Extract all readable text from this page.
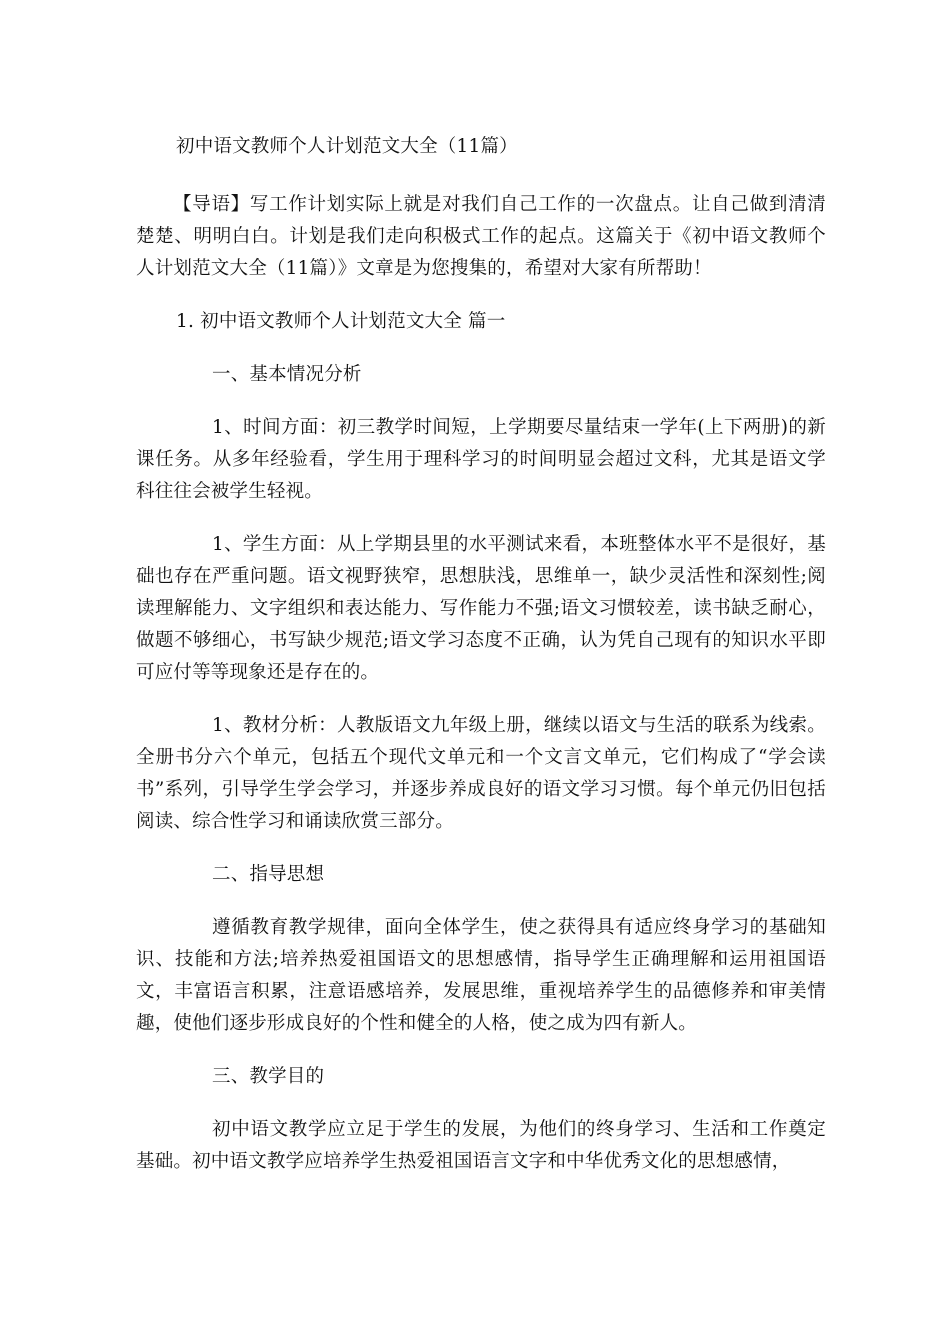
初中语文教师个人计划范文大全（11篇）

【导语】写工作计划实际上就是对我们自己工作的一次盘点。让自己做到清清楚楚、明明白白。计划是我们走向积极式工作的起点。这篇关于《初中语文教师个人计划范文大全（11篇）》文章是为您搜集的，希望对大家有所帮助！

1. 初中语文教师个人计划范文大全 篇一

一、基本情况分析

1、时间方面：初三教学时间短，上学期要尽量结束一学年(上下两册)的新课任务。从多年经验看，学生用于理科学习的时间明显会超过文科，尤其是语文学科往往会被学生轻视。

1、学生方面：从上学期县里的水平测试来看，本班整体水平不是很好，基础也存在严重问题。语文视野狭窄，思想肤浅，思维单一，缺少灵活性和深刻性;阅读理解能力、文字组织和表达能力、写作能力不强;语文习惯较差，读书缺乏耐心，做题不够细心，书写缺少规范;语文学习态度不正确，认为凭自己现有的知识水平即可应付等等现象还是存在的。

1、教材分析：人教版语文九年级上册，继续以语文与生活的联系为线索。全册书分六个单元，包括五个现代文单元和一个文言文单元，它们构成了“学会读书”系列，引导学生学会学习，并逐步养成良好的语文学习习惯。每个单元仍旧包括阅读、综合性学习和诵读欣赏三部分。

二、指导思想

遵循教育教学规律，面向全体学生，使之获得具有适应终身学习的基础知识、技能和方法;培养热爱祖国语文的思想感情，指导学生正确理解和运用祖国语文，丰富语言积累，注意语感培养，发展思维，重视培养学生的品德修养和审美情趣，使他们逐步形成良好的个性和健全的人格，使之成为四有新人。

三、教学目的

初中语文教学应立足于学生的发展，为他们的终身学习、生活和工作奠定基础。初中语文教学应培养学生热爱祖国语言文字和中华优秀文化的思想感情，
